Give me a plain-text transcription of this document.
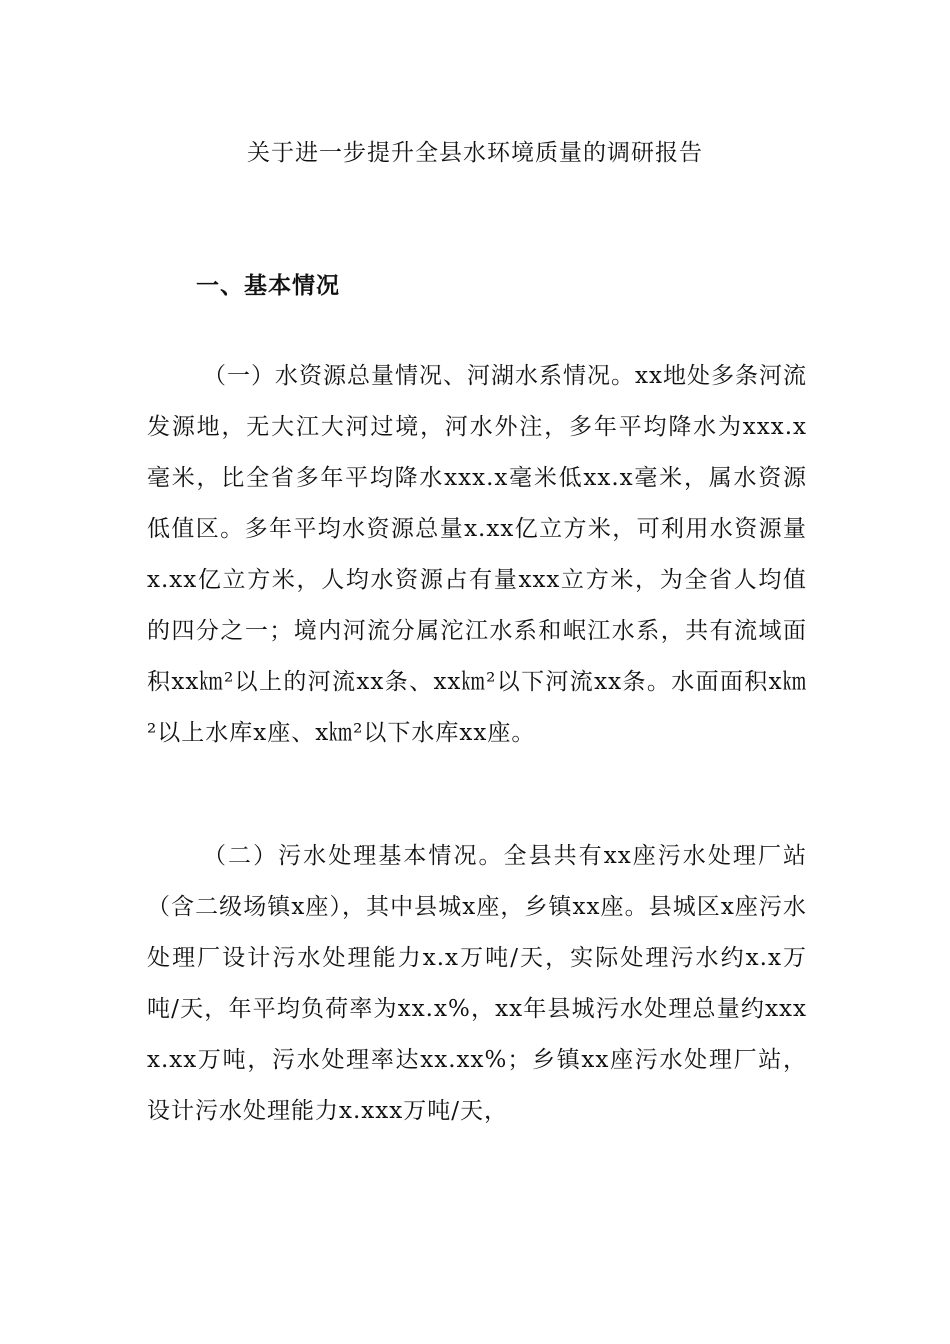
关于进一步提升全县水环境质量的调研报告
一、基本情况

（一）水资源总量情况、河湖水系情况。xx地处多条河流发源地，无大江大河过境，河水外注，多年平均降水为xxx.x毫米，比全省多年平均降水xxx.x毫米低xx.x毫米，属水资源低值区。多年平均水资源总量x.xx亿立方米，可利用水资源量x.xx亿立方米，人均水资源占有量xxx立方米，为全省人均值的四分之一；境内河流分属沱江水系和岷江水系，共有流域面积xx㎞²以上的河流xx条、xx㎞²以下河流xx条。水面面积x㎞²以上水库x座、x㎞²以下水库xx座。

（二）污水处理基本情况。全县共有xx座污水处理厂站（含二级场镇x座），其中县城x座，乡镇xx座。县城区x座污水处理厂设计污水处理能力x.x万吨/天，实际处理污水约x.x万吨/天，年平均负荷率为xx.x%，xx年县城污水处理总量约xxxx.xx万吨，污水处理率达xx.xx%；乡镇xx座污水处理厂站，设计污水处理能力x.xxx万吨/天，
